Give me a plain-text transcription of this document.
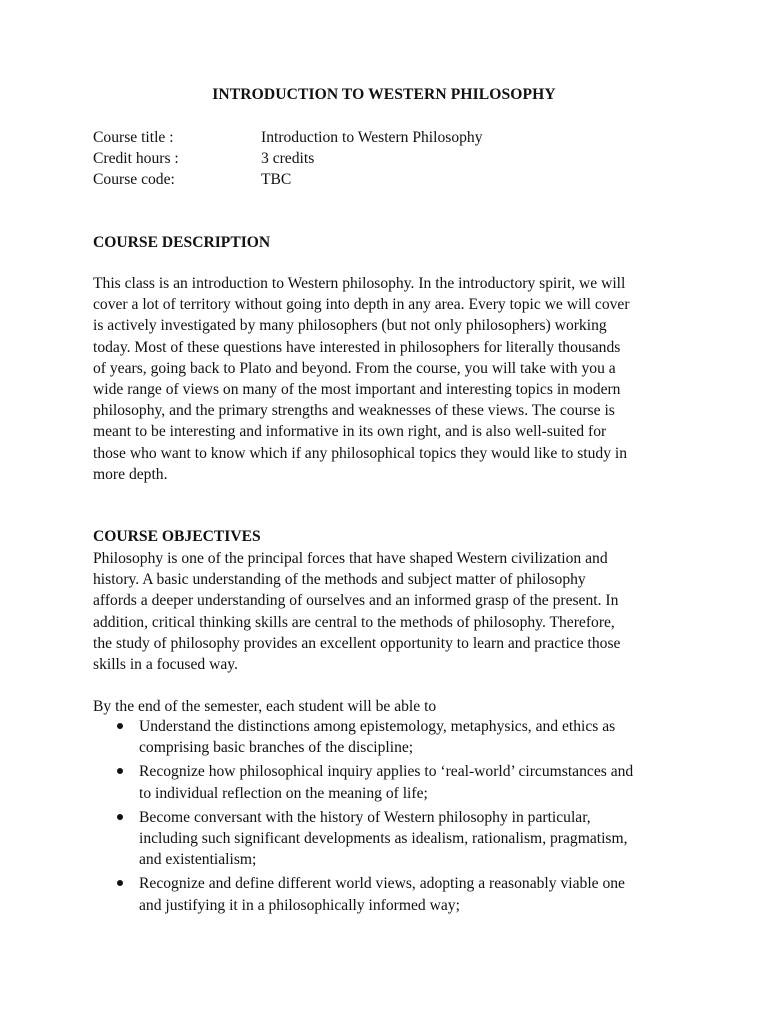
INTRODUCTION TO WESTERN PHILOSOPHY
Course title :	Introduction to Western Philosophy
Credit hours :	3 credits
Course code:	TBC
COURSE DESCRIPTION
This class is an introduction to Western philosophy. In the introductory spirit, we will
cover a lot of territory without going into depth in any area. Every topic we will cover
is actively investigated by many philosophers (but not only philosophers) working
today. Most of these questions have interested in philosophers for literally thousands
of years, going back to Plato and beyond. From the course, you will take with you a
wide range of views on many of the most important and interesting topics in modern
philosophy, and the primary strengths and weaknesses of these views. The course is
meant to be interesting and informative in its own right, and is also well-suited for
those who want to know which if any philosophical topics they would like to study in
more depth.
COURSE OBJECTIVES
Philosophy is one of the principal forces that have shaped Western civilization and
history. A basic understanding of the methods and subject matter of philosophy
affords a deeper understanding of ourselves and an informed grasp of the present. In
addition, critical thinking skills are central to the methods of philosophy. Therefore,
the study of philosophy provides an excellent opportunity to learn and practice those
skills in a focused way.
By the end of the semester, each student will be able to
Understand the distinctions among epistemology, metaphysics, and ethics as
comprising basic branches of the discipline;
Recognize how philosophical inquiry applies to ‘real-world’ circumstances and
to individual reflection on the meaning of life;
Become conversant with the history of Western philosophy in particular,
including such significant developments as idealism, rationalism, pragmatism,
and existentialism;
Recognize and define different world views, adopting a reasonably viable one
and justifying it in a philosophically informed way;
